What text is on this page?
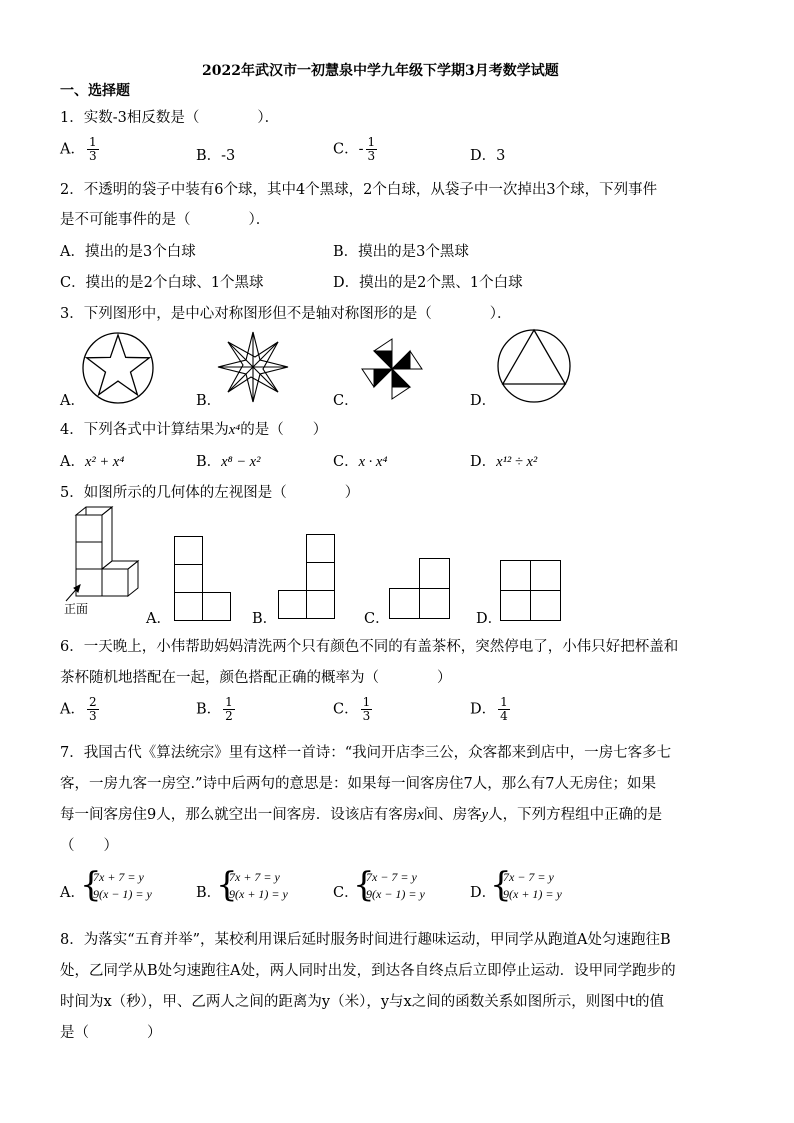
2022年武汉市一初慧泉中学九年级下学期3月考数学试题
一、选择题
1．实数-3相反数是（　　　　）．
A． $\frac{1}{3}$	B．-3	C．- $\frac{1}{3}$	D．3
2．不透明的袋子中装有6个球，其中4个黑球，2个白球，从袋子中一次掉出3个球，下列事件
是不可能事件的是（　　　　）．
A．摸出的是3个白球	B．摸出的是3个黑球
C．摸出的是2个白球、1个黑球	D．摸出的是2个黑、1个白球
3．下列图形中，是中心对称图形但不是轴对称图形的是（　　　　）．
A．	B．	C．	D．
4．下列各式中计算结果为x⁴的是（　　）
A．x² + x⁴	B．x⁸ − x²	C．x · x⁴	D．x¹² ÷ x²
5．如图所示的几何体的左视图是（　　　　）
正面
A．	B．	C．	D．
6．一天晚上，小伟帮助妈妈清洗两个只有颜色不同的有盖茶杯，突然停电了，小伟只好把杯盖和
茶杯随机地搭配在一起，颜色搭配正确的概率为（　　　　）
A． $\frac{2}{3}$	B． $\frac{1}{2}$	C． $\frac{1}{3}$	D． $\frac{1}{4}$
7．我国古代《算法统宗》里有这样一首诗：“我问开店李三公，众客都来到店中，一房七客多七
客，一房九客一房空.”诗中后两句的意思是：如果每一间客房住7人，那么有7人无房住；如果
每一间客房住9人，那么就空出一间客房．设该店有客房x间、房客y人，下列方程组中正确的是
（　　）
A．
{
7x + 7 = y
9(x − 1) = y	B．
{
7x + 7 = y
9(x + 1) = y	C．
{
7x − 7 = y
9(x − 1) = y	D．
{
7x − 7 = y
9(x + 1) = y
8．为落实“五育并举”，某校利用课后延时服务时间进行趣味运动，甲同学从跑道A处匀速跑往B
处，乙同学从B处匀速跑往A处，两人同时出发，到达各自终点后立即停止运动．设甲同学跑步的
时间为x（秒），甲、乙两人之间的距离为y（米），y与x之间的函数关系如图所示，则图中t的值
是（　　　　）
